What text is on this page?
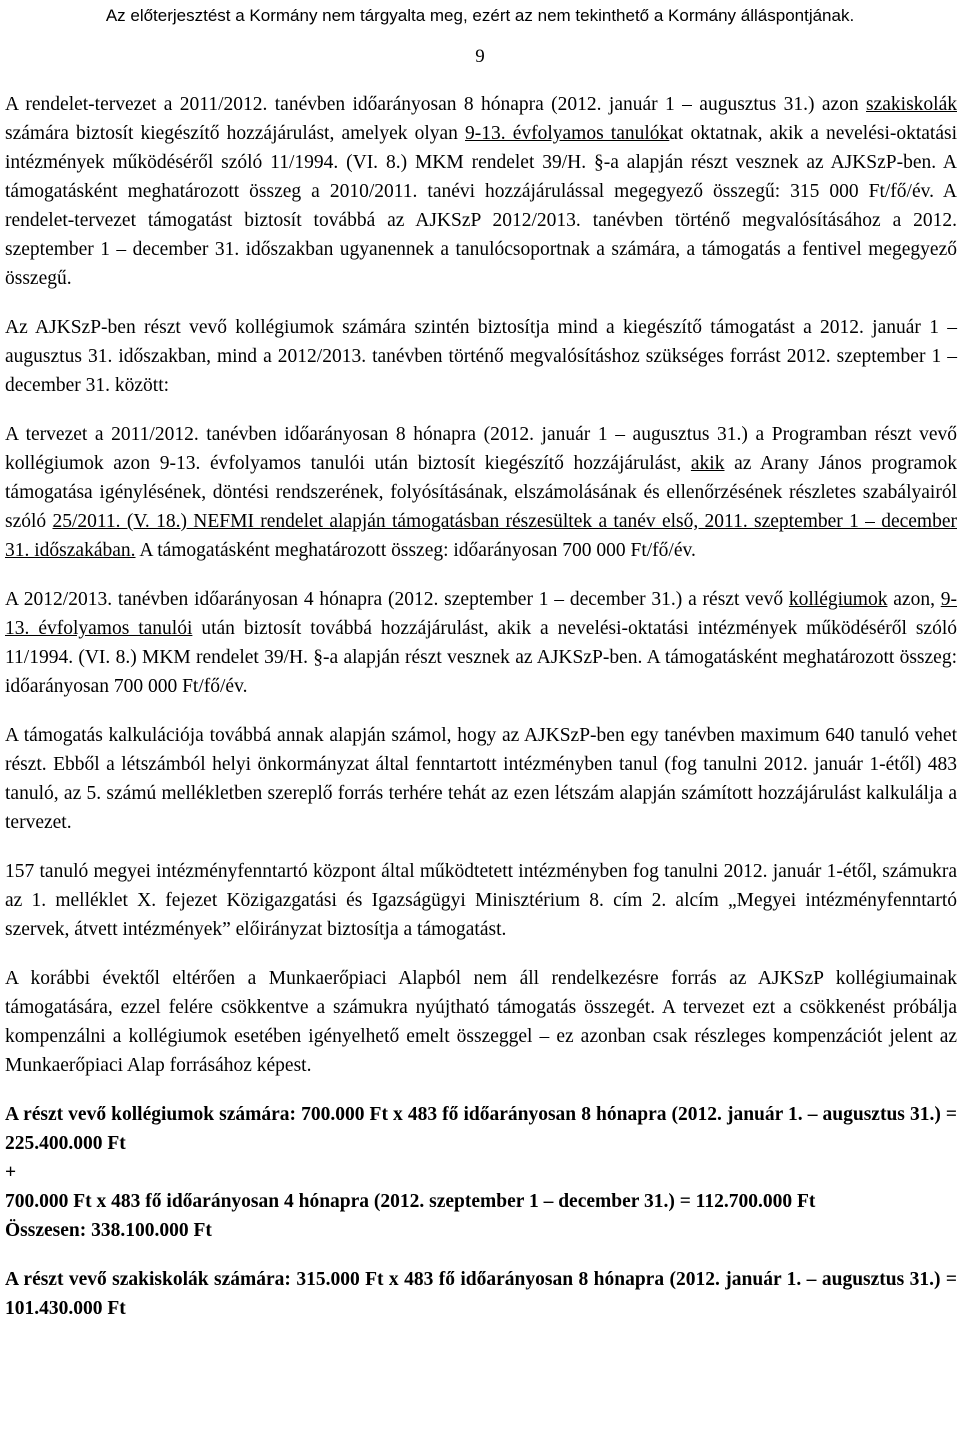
Az előterjesztést a Kormány nem tárgyalta meg, ezért az nem tekinthető a Kormány álláspontjának.
9

A rendelet-tervezet a 2011/2012. tanévben időarányosan 8 hónapra (2012. január 1 – augusztus 31.) azon szakiskolák számára biztosít kiegészítő hozzájárulást, amelyek olyan 9-13. évfolyamos tanulókat oktatnak, akik a nevelési-oktatási intézmények működéséről szóló 11/1994. (VI. 8.) MKM rendelet 39/H. §-a alapján részt vesznek az AJKSzP-ben. A támogatásként meghatározott összeg a 2010/2011. tanévi hozzájárulással megegyező összegű: 315 000 Ft/fő/év. A rendelet-tervezet támogatást biztosít továbbá az AJKSzP 2012/2013. tanévben történő megvalósításához a 2012. szeptember 1 – december 31. időszakban ugyanennek a tanulócsoportnak a számára, a támogatás a fentivel megegyező összegű.

Az AJKSzP-ben részt vevő kollégiumok számára szintén biztosítja mind a kiegészítő támogatást a 2012. január 1 – augusztus 31. időszakban, mind a 2012/2013. tanévben történő megvalósításhoz szükséges forrást 2012. szeptember 1 – december 31. között:

A tervezet a 2011/2012. tanévben időarányosan 8 hónapra (2012. január 1 – augusztus 31.) a Programban részt vevő kollégiumok azon 9-13. évfolyamos tanulói után biztosít kiegészítő hozzájárulást, akik az Arany János programok támogatása igénylésének, döntési rendszerének, folyósításának, elszámolásának és ellenőrzésének részletes szabályairól szóló 25/2011. (V. 18.) NEFMI rendelet alapján támogatásban részesültek a tanév első, 2011. szeptember 1 – december 31. időszakában. A támogatásként meghatározott összeg: időarányosan 700 000 Ft/fő/év.

A 2012/2013. tanévben időarányosan 4 hónapra (2012. szeptember 1 – december 31.) a részt vevő kollégiumok azon, 9-13. évfolyamos tanulói után biztosít továbbá hozzájárulást, akik a nevelési-oktatási intézmények működéséről szóló 11/1994. (VI. 8.) MKM rendelet 39/H. §-a alapján részt vesznek az AJKSzP-ben. A támogatásként meghatározott összeg: időarányosan 700 000 Ft/fő/év.

A támogatás kalkulációja továbbá annak alapján számol, hogy az AJKSzP-ben egy tanévben maximum 640 tanuló vehet részt. Ebből a létszámból helyi önkormányzat által fenntartott intézményben tanul (fog tanulni 2012. január 1-étől) 483 tanuló, az 5. számú mellékletben szereplő forrás terhére tehát az ezen létszám alapján számított hozzájárulást kalkulálja a tervezet.

157 tanuló megyei intézményfenntartó központ által működtetett intézményben fog tanulni 2012. január 1-étől, számukra az 1. melléklet X. fejezet Közigazgatási és Igazságügyi Minisztérium 8. cím 2. alcím „Megyei intézményfenntartó szervek, átvett intézmények” előirányzat biztosítja a támogatást.

A korábbi évektől eltérően a Munkaerőpiaci Alapból nem áll rendelkezésre forrás az AJKSzP kollégiumainak támogatására, ezzel felére csökkentve a számukra nyújtható támogatás összegét. A tervezet ezt a csökkenést próbálja kompenzálni a kollégiumok esetében igényelhető emelt összeggel – ez azonban csak részleges kompenzációt jelent az Munkaerőpiaci Alap forrásához képest.

A részt vevő kollégiumok számára: 700.000 Ft x 483 fő időarányosan 8 hónapra (2012. január 1. – augusztus 31.) = 225.400.000 Ft

+

700.000 Ft x 483 fő időarányosan 4 hónapra (2012. szeptember 1 – december 31.) = 112.700.000 Ft

Összesen: 338.100.000 Ft

A részt vevő szakiskolák számára: 315.000 Ft x 483 fő időarányosan 8 hónapra (2012. január 1. – augusztus 31.) = 101.430.000 Ft
